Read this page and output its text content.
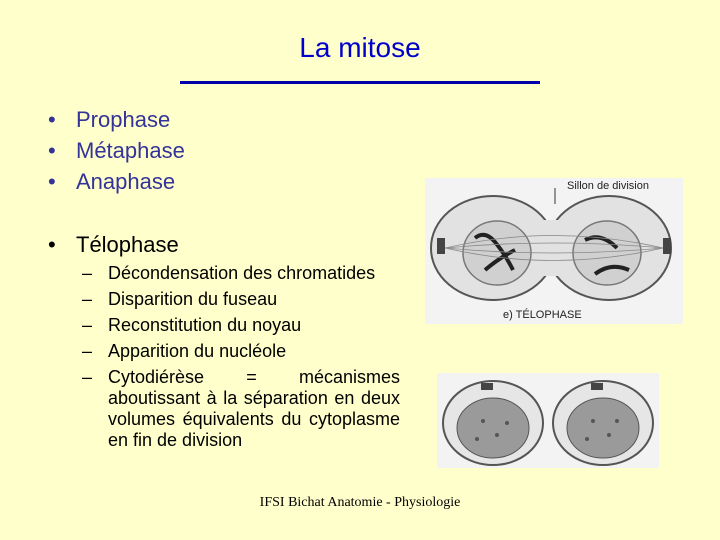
La mitose
• Prophase
• Métaphase
• Anaphase
• Télophase
– Décondensation des chromatides
– Disparition du fuseau
– Reconstitution du noyau
– Apparition du nucléole
– Cytodiérèse = mécanismes aboutissant à la séparation en deux volumes équivalents du cytoplasme en fin de division
Sillon de division
e) TÉLOPHASE
IFSI Bichat Anatomie - Physiologie
